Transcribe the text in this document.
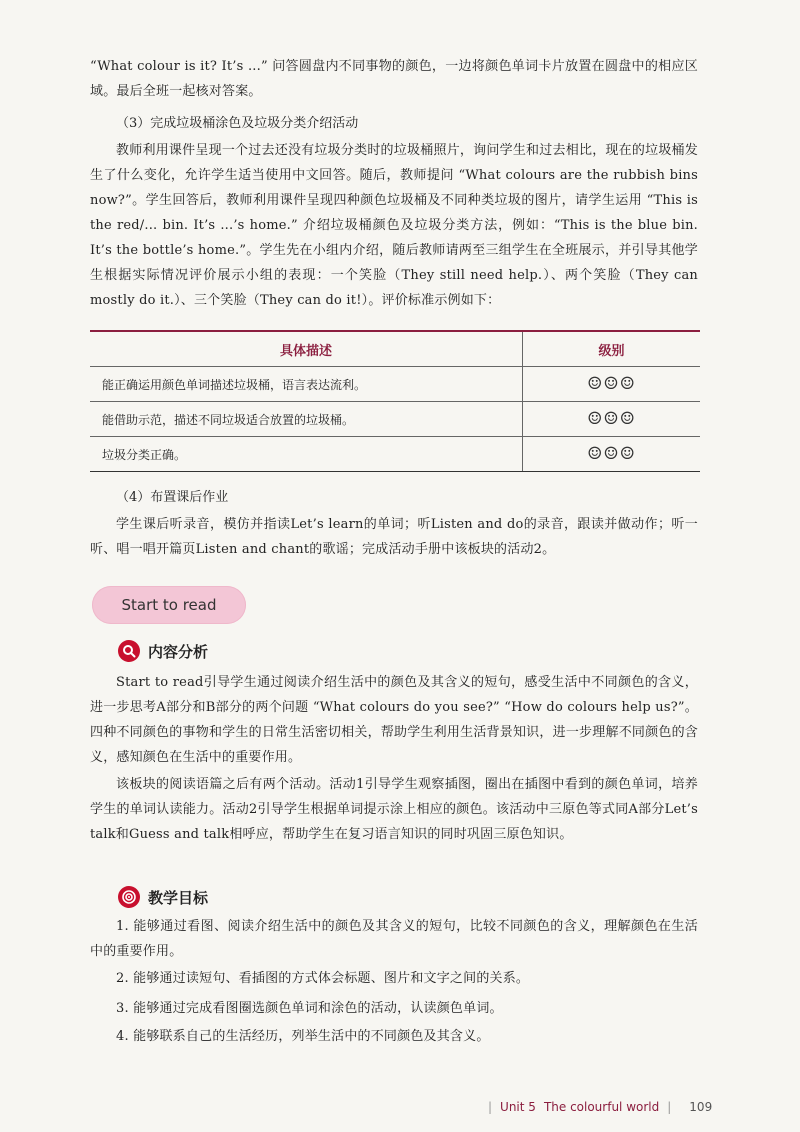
“What colour is it? It’s ...” 问答圆盘内不同事物的颜色，一边将颜色单词卡片放置在圆盘中的相应区域。最后全班一起核对答案。
（3）完成垃圾桶涂色及垃圾分类介绍活动
教师利用课件呈现一个过去还没有垃圾分类时的垃圾桶照片，询问学生和过去相比，现在的垃圾桶发生了什么变化，允许学生适当使用中文回答。随后，教师提问 “What colours are the rubbish bins now?”。学生回答后，教师利用课件呈现四种颜色垃圾桶及不同种类垃圾的图片，请学生运用 “This is the red/... bin. It’s ...’s home.” 介绍垃圾桶颜色及垃圾分类方法，例如：“This is the blue bin. It’s the bottle’s home.”。学生先在小组内介绍，随后教师请两至三组学生在全班展示，并引导其他学生根据实际情况评价展示小组的表现：一个笑脸（They still need help.）、两个笑脸（They can mostly do it.）、三个笑脸（They can do it!）。评价标准示例如下：
具体描述	级别
能正确运用颜色单词描述垃圾桶，语言表达流利。	☺☺☺
能借助示范，描述不同垃圾适合放置的垃圾桶。	☺☺☺
垃圾分类正确。	☺☺☺
（4）布置课后作业
学生课后听录音，模仿并指读Let’s learn的单词；听Listen and do的录音，跟读并做动作；听一听、唱一唱开篇页Listen and chant的歌谣；完成活动手册中该板块的活动2。
Start to read
内容分析
Start to read引导学生通过阅读介绍生活中的颜色及其含义的短句，感受生活中不同颜色的含义，进一步思考A部分和B部分的两个问题 “What colours do you see?” “How do colours help us?”。四种不同颜色的事物和学生的日常生活密切相关，帮助学生利用生活背景知识，进一步理解不同颜色的含义，感知颜色在生活中的重要作用。
该板块的阅读语篇之后有两个活动。活动1引导学生观察插图，圈出在插图中看到的颜色单词，培养学生的单词认读能力。活动2引导学生根据单词提示涂上相应的颜色。该活动中三原色等式同A部分Let’s talk和Guess and talk相呼应，帮助学生在复习语言知识的同时巩固三原色知识。
教学目标
1. 能够通过看图、阅读介绍生活中的颜色及其含义的短句，比较不同颜色的含义，理解颜色在生活中的重要作用。
2. 能够通过读短句、看插图的方式体会标题、图片和文字之间的关系。
3. 能够通过完成看图圈选颜色单词和涂色的活动，认读颜色单词。
4. 能够联系自己的生活经历，列举生活中的不同颜色及其含义。
| Unit 5 The colourful world | 109
